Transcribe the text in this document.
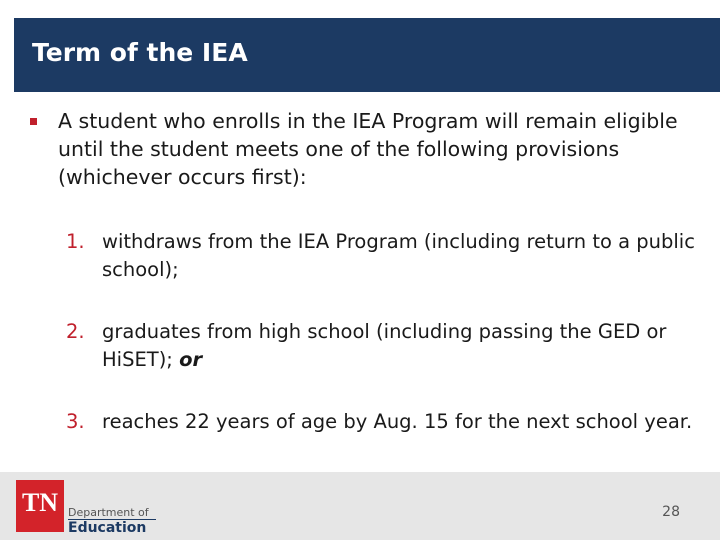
Term of the IEA
A student who enrolls in the IEA Program will remain eligible until the student meets one of the following provisions (whichever occurs first):
1. withdraws from the IEA Program (including return to a public school);
2. graduates from high school (including passing the GED or HiSET); or
3. reaches 22 years of age by Aug. 15 for the next school year.
TN Department of
Education
28
